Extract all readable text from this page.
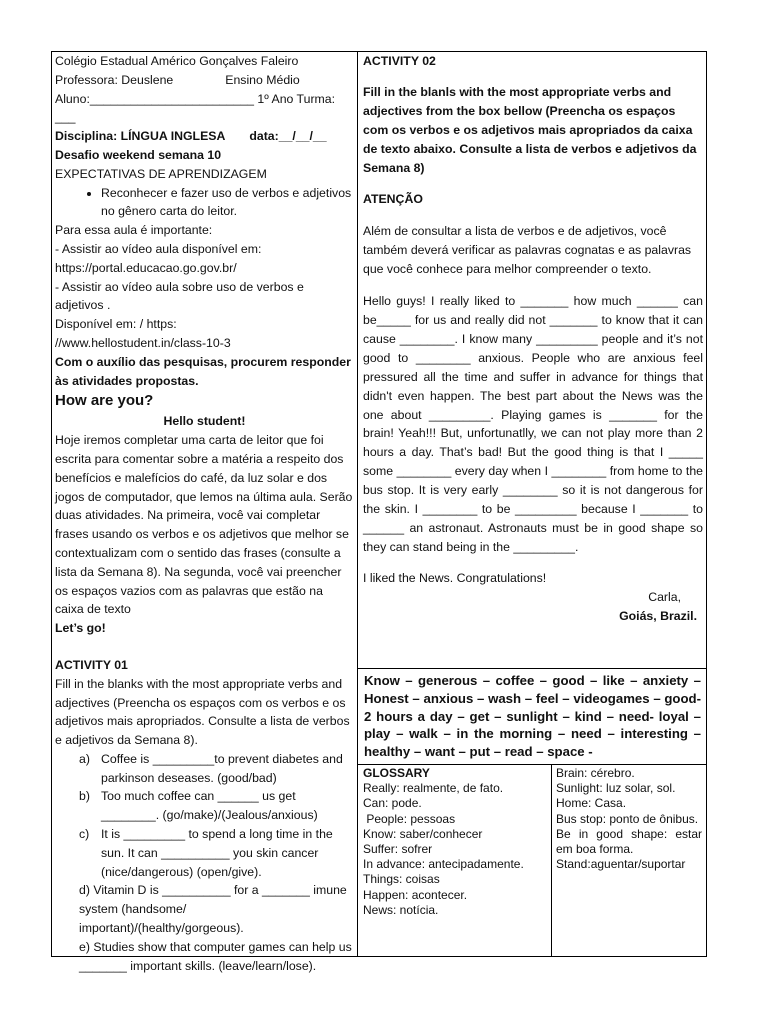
Colégio Estadual Américo Gonçalves Faleiro

Professora: Deuslene	Ensino Médio

Aluno:________________________ 1º Ano Turma: ___

Disciplina: LÍNGUA INGLESA data:__/__/__

Desafio weekend semana 10

EXPECTATIVAS DE APRENDIZAGEM

• Reconhecer e fazer uso de verbos e adjetivos no gênero carta do leitor.

Para essa aula é importante:

- Assistir ao vídeo aula disponível em:

https://portal.educacao.go.gov.br/

- Assistir ao vídeo aula sobre uso de verbos e adjetivos .

Disponível em: / https:

//www.hellostudent.in/class-10-3

Com o auxílio das pesquisas, procurem responder às atividades propostas.

How are you?

Hello student!

Hoje iremos completar uma carta de leitor que foi escrita para comentar sobre a matéria a respeito dos benefícios e malefícios do café, da luz solar e dos jogos de computador, que lemos na última aula. Serão duas atividades. Na primeira, você vai completar frases usando os verbos e os adjetivos que melhor se contextualizam com o sentido das frases (consulte a lista da Semana 8). Na segunda, você vai preencher os espaços vazios com as palavras que estão na caixa de texto

Let’s go!

ACTIVITY 01

Fill in the blanks with the most appropriate verbs and adjectives (Preencha os espaços com os verbos e os adjetivos mais apropriados. Consulte a lista de verbos e adjetivos da Semana 8).

a) Coffee is _________to prevent diabetes and parkinson deseases. (good/bad)
b) Too much coffee can ______ us get ________. (go/make)/(Jealous/anxious)
c) It is _________ to spend a long time in the sun. It can __________ you skin cancer (nice/dangerous) (open/give).

d) Vitamin D is __________ for a _______ imune system (handsome/ important)/(healthy/gorgeous).

e) Studies show that computer games can help us _______ important skills. (leave/learn/lose).

ACTIVITY 02

Fill in the blanls with the most appropriate verbs and adjectives from the box bellow (Preencha os espaços com os verbos e os adjetivos mais apropriados da caixa de texto abaixo. Consulte a lista de verbos e adjetivos da Semana 8)

ATENÇÃO

Além de consultar a lista de verbos e de adjetivos, você também deverá verificar as palavras cognatas e as palavras que você conhece para melhor compreender o texto.

Hello guys! I really liked to _______ how much ______ can be_____ for us and really did not _______ to know that it can cause ________. I know many _________ people and it’s not good to ________ anxious. People who are anxious feel pressured all the time and suffer in advance for things that didn't even happen. The best part about the News was the one about _________. Playing games is _______ for the brain! Yeah!!! But, unfortunatlly, we can not play more than 2 hours a day. That’s bad! But the good thing is that I _____ some ________ every day when I ________ from home to the bus stop. It is very early ________ so it is not dangerous for the skin. I ________ to be _________ because I _______ to ______ an astronaut. Astronauts must be in good shape so they can stand being in the _________.

I liked the News. Congratulations!

Carla,

Goiás, Brazil.

Know – generous – coffee – good – like – anxiety – Honest – anxious – wash – feel – videogames – good- 2 hours a day – get – sunlight – kind – need- loyal – play – walk – in the morning – need – interesting – healthy – want – put – read – space -

GLOSSARY

Really: realmente, de fato.

Can: pode.

People: pessoas

Know: saber/conhecer

Suffer: sofrer

In advance: antecipadamente.

Things: coisas

Happen: acontecer.

News: notícia.

Brain: cérebro.

Sunlight: luz solar, sol.

Home: Casa.

Bus stop: ponto de ônibus.

Be in good shape: estar em boa forma.

Stand:aguentar/suportar
